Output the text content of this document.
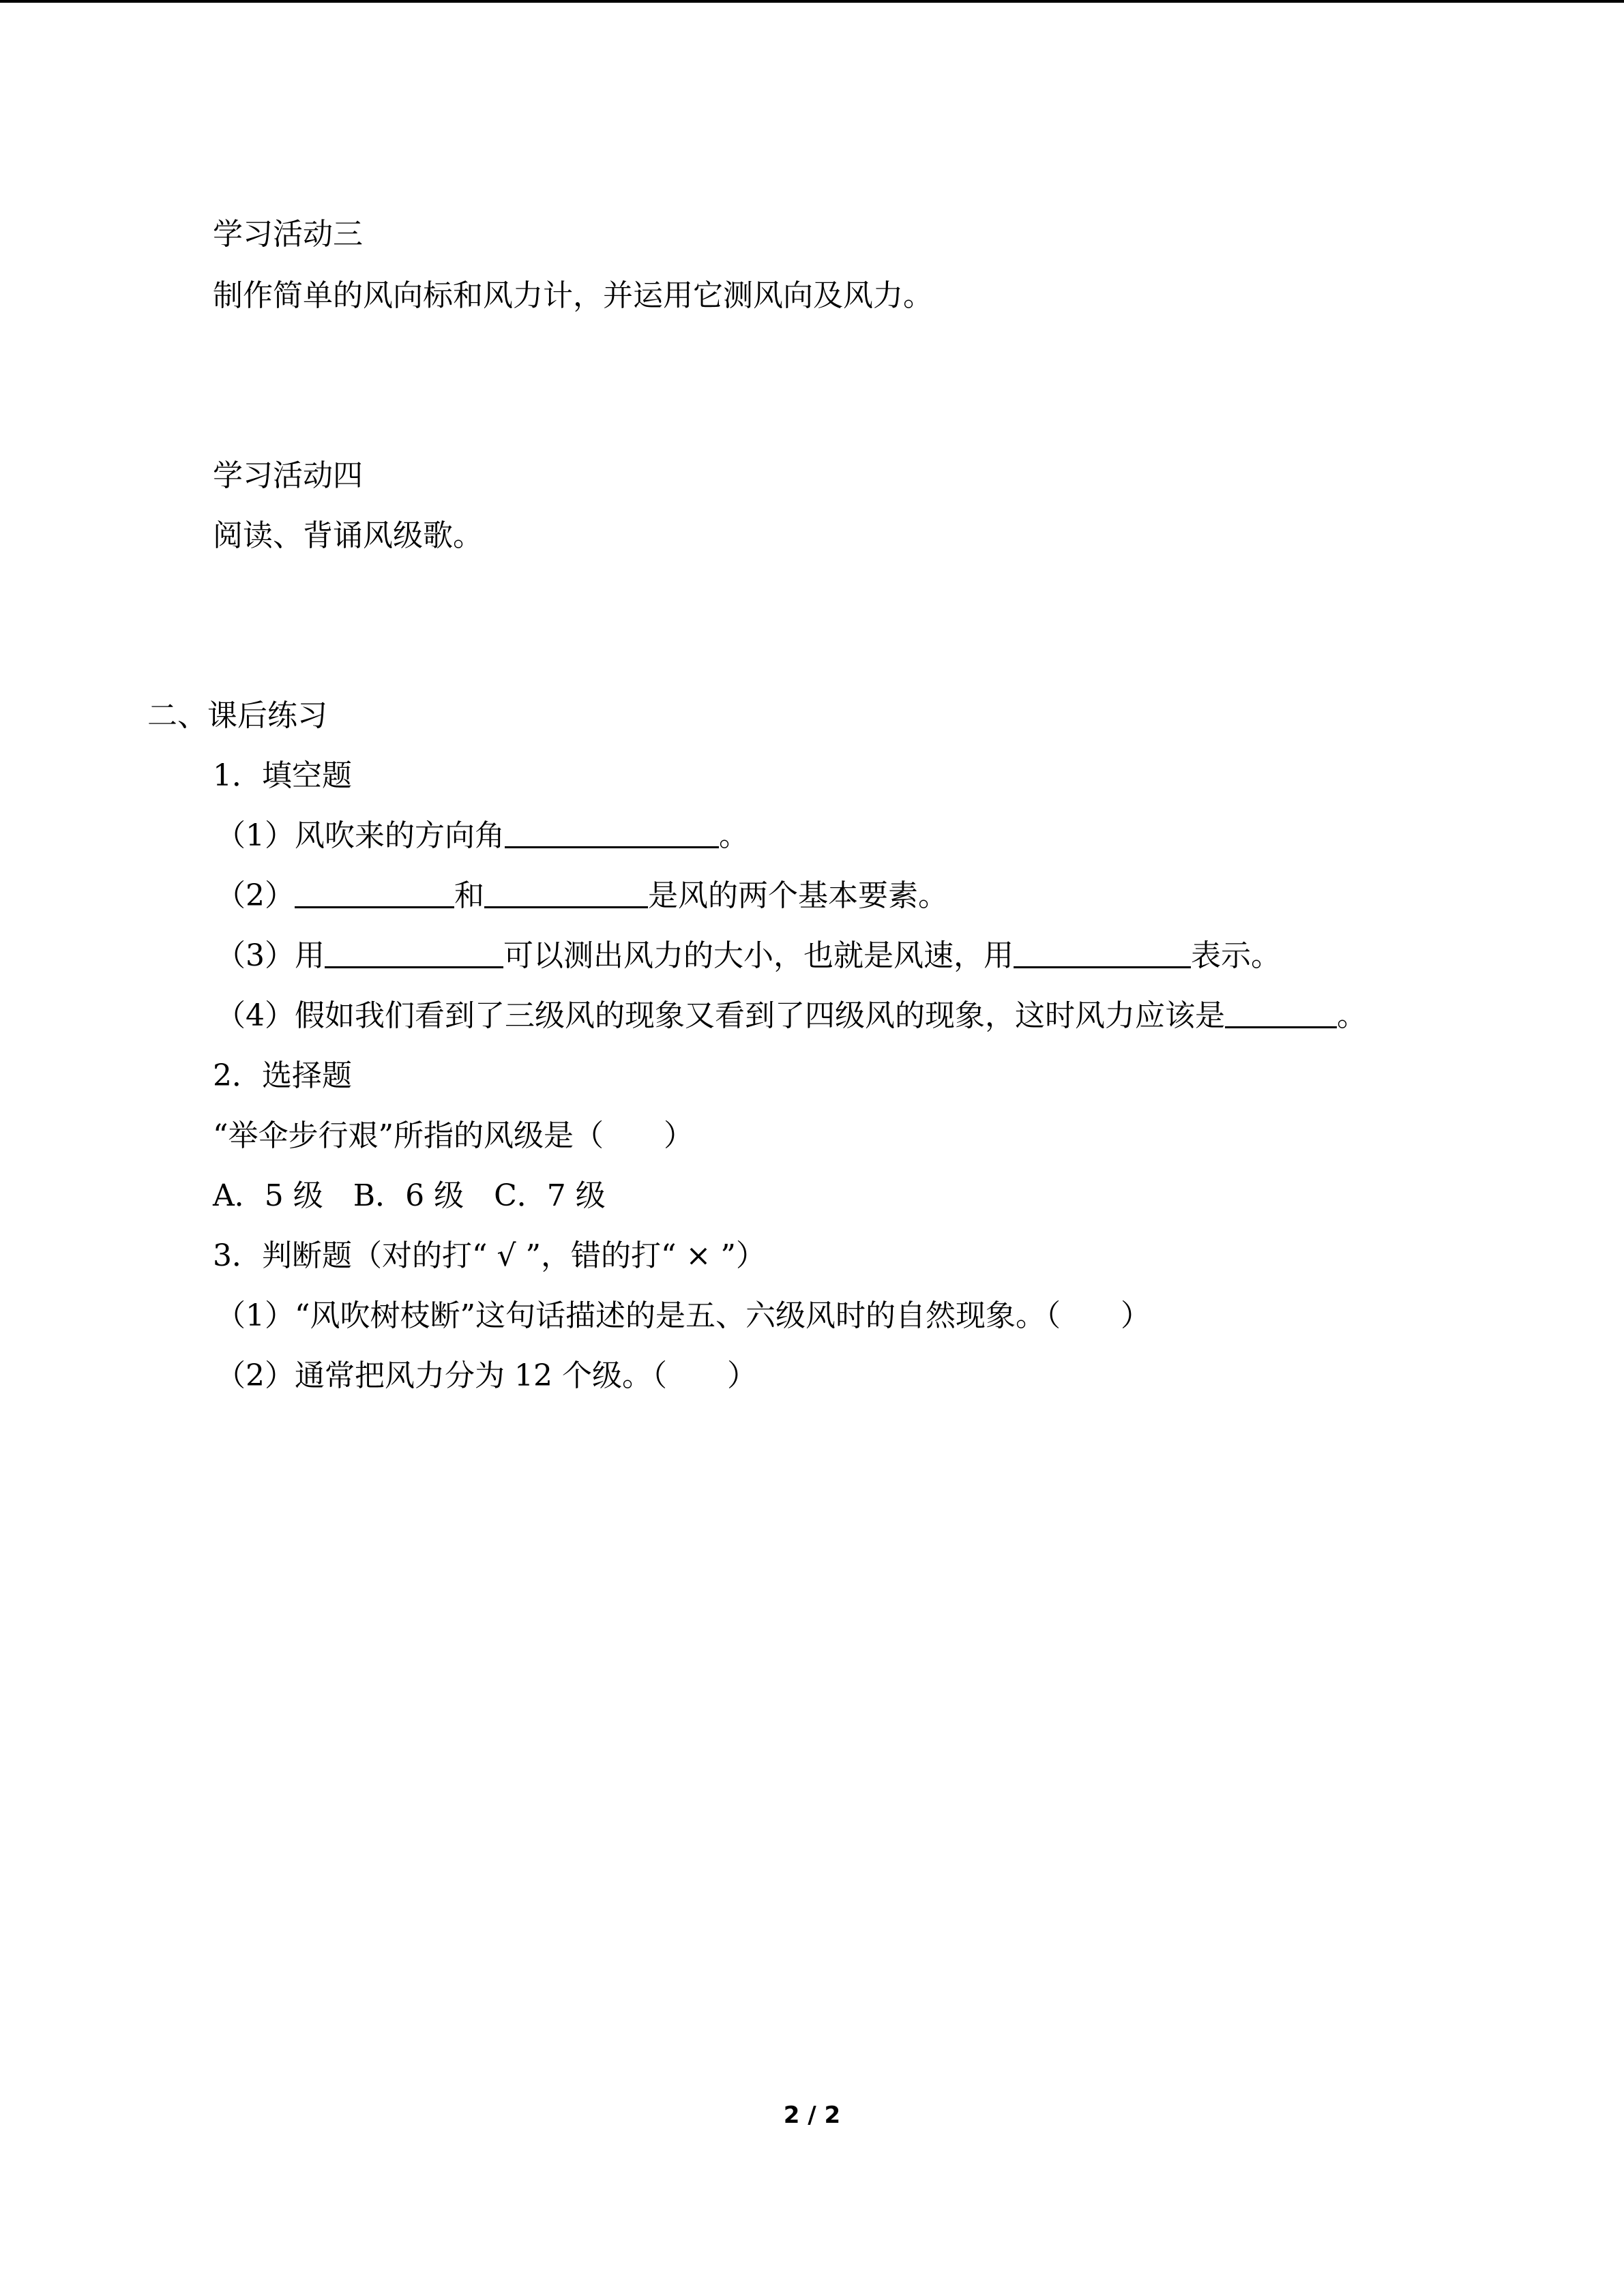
学习活动三
制作简单的风向标和风力计，并运用它测风向及风力。
学习活动四
阅读、背诵风级歌。
二、课后练习
1．填空题
（1）风吹来的方向角	。
（2）	和	是风的两个基本要素。
（3）用	可以测出风力的大小，也就是风速，用	表示。
（4）假如我们看到了三级风的现象又看到了四级风的现象，这时风力应该是	。
2．选择题
“举伞步行艰”所指的风级是（　　）
A．5 级　B．6 级　C．7 级
3．判断题（对的打“ √ ”，错的打“ × ”）
（1）“风吹树枝断”这句话描述的是五、六级风时的自然现象。（　　）
（2）通常把风力分为 12 个级。（　　）
2 / 2
